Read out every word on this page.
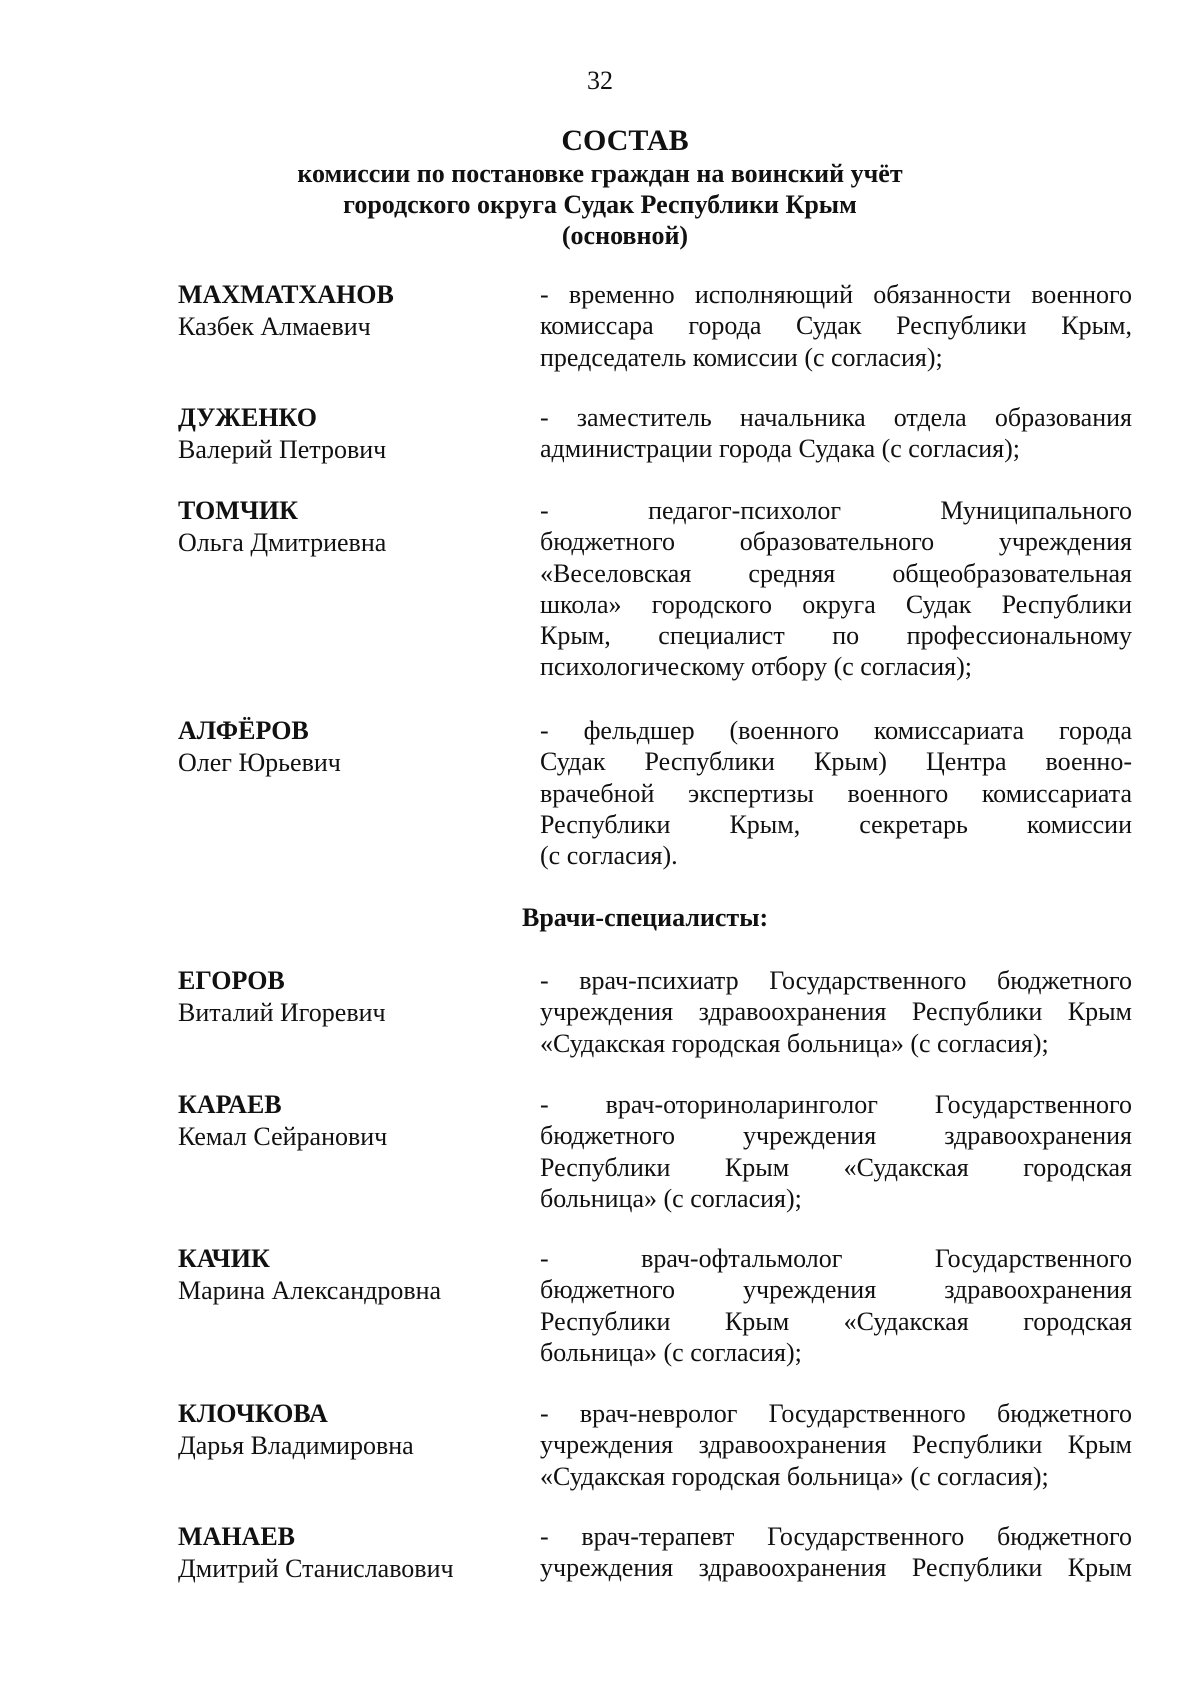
32
СОСТАВ
комиссии по постановке граждан на воинский учёт
городского округа Судак Республики Крым
(основной)
МАХМАТХАНОВ
Казбек Алмаевич
- временно исполняющий обязанности военного
комиссара города Судак Республики Крым,
председатель комиссии (с согласия);
ДУЖЕНКО
Валерий Петрович
- заместитель начальника отдела образования
администрации города Судака (с согласия);
ТОМЧИК
Ольга Дмитриевна
- педагог-психолог Муниципального
бюджетного образовательного учреждения
«Веселовская средняя общеобразовательная
школа» городского округа Судак Республики
Крым, специалист по профессиональному
психологическому отбору (с согласия);
АЛФЁРОВ
Олег Юрьевич
- фельдшер (военного комиссариата города
Судак Республики Крым) Центра военно-
врачебной экспертизы военного комиссариата
Республики Крым, секретарь комиссии
(с согласия).
Врачи-специалисты:
ЕГОРОВ
Виталий Игоревич
- врач-психиатр Государственного бюджетного
учреждения здравоохранения Республики Крым
«Судакская городская больница» (с согласия);
КАРАЕВ
Кемал Сейранович
- врач-оториноларинголог Государственного
бюджетного учреждения здравоохранения
Республики Крым «Судакская городская
больница» (с согласия);
КАЧИК
Марина Александровна
- врач-офтальмолог Государственного
бюджетного учреждения здравоохранения
Республики Крым «Судакская городская
больница» (с согласия);
КЛОЧКОВА
Дарья Владимировна
- врач-невролог Государственного бюджетного
учреждения здравоохранения Республики Крым
«Судакская городская больница» (с согласия);
МАНАЕВ
Дмитрий Станиславович
- врач-терапевт Государственного бюджетного
учреждения здравоохранения Республики Крым
